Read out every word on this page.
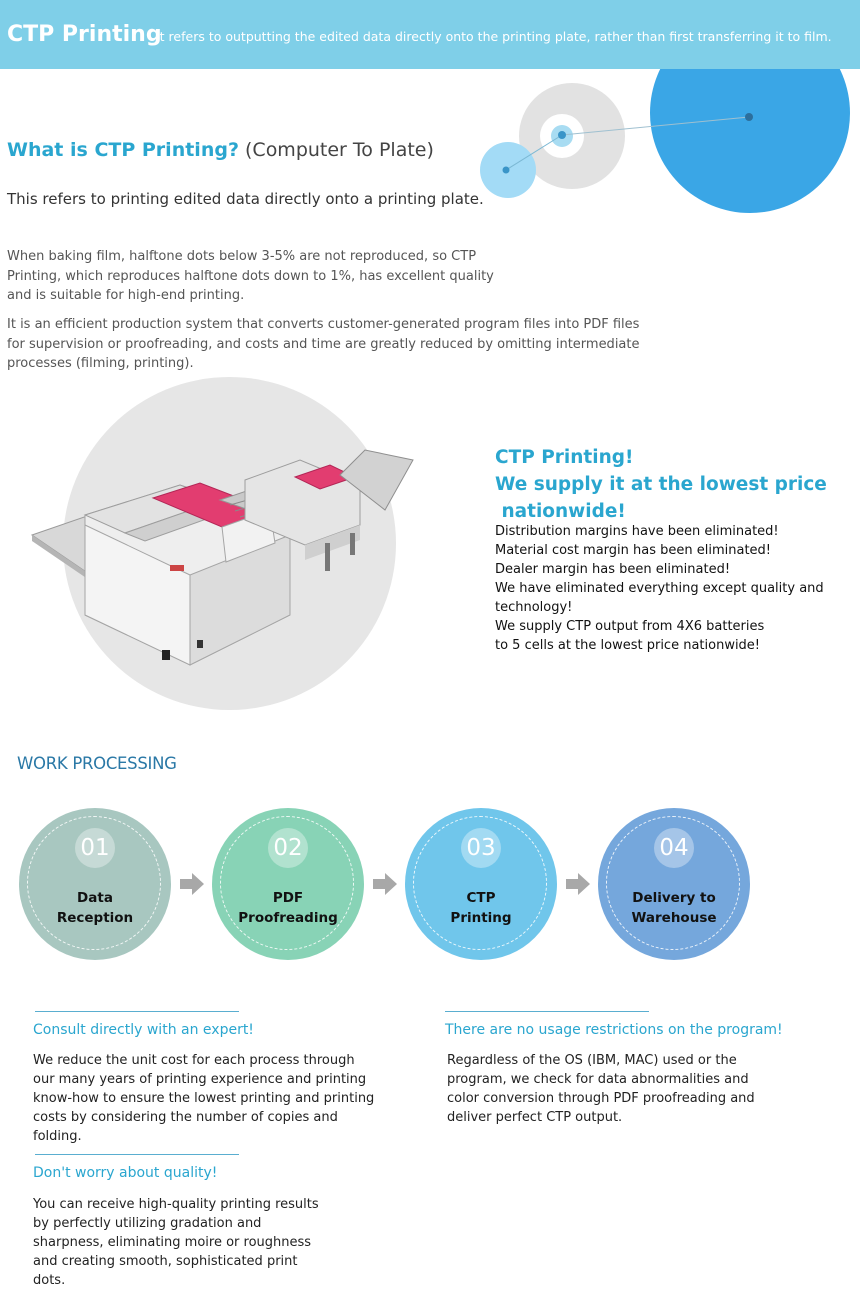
CTP Printing
It refers to outputting the edited data directly onto the printing plate, rather than first transferring it to film.
What is CTP Printing? (Computer To Plate)
This refers to printing edited data directly onto a printing plate.
When baking film, halftone dots below 3-5% are not reproduced, so CTP Printing, which reproduces halftone dots down to 1%, has excellent quality and is suitable for high-end printing.
It is an efficient production system that converts customer-generated program files into PDF files for supervision or proofreading, and costs and time are greatly reduced by omitting intermediate processes (filming, printing).
CTP Printing!
We supply it at the lowest price
nationwide!
Distribution margins have been eliminated!
Material cost margin has been eliminated!
Dealer margin has been eliminated!
We have eliminated everything except quality and technology!
We supply CTP output from 4X6 batteries
to 5 cells at the lowest price nationwide!
WORK PROCESSING
01
Data
Reception
02
PDF
Proofreading
03
CTP
Printing
04
Delivery to
Warehouse
Consult directly with an expert!
We reduce the unit cost for each process through our many years of printing experience and printing know-how to ensure the lowest printing and printing costs by considering the number of copies and folding.
There are no usage restrictions on the program!
Regardless of the OS (IBM, MAC) used or the program, we check for data abnormalities and color conversion through PDF proofreading and deliver perfect CTP output.
Don't worry about quality!
You can receive high-quality printing results by perfectly utilizing gradation and sharpness, eliminating moire or roughness and creating smooth, sophisticated print dots.
